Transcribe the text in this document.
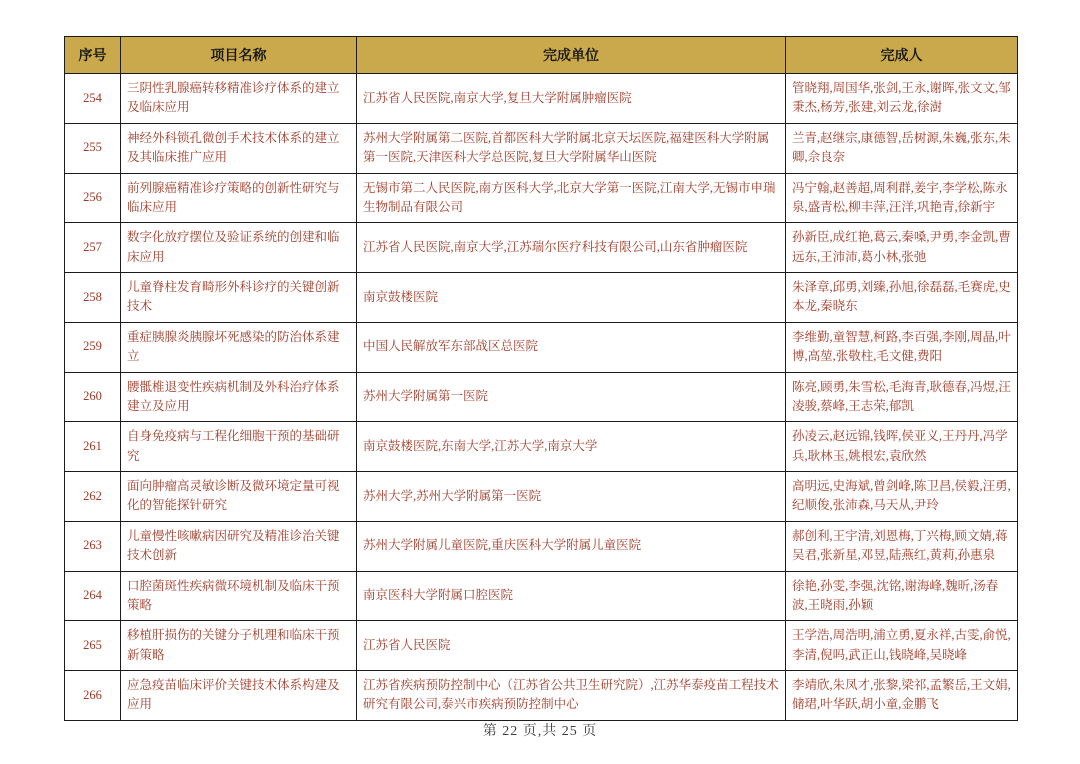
序号	项目名称	完成单位	完成人
254	三阴性乳腺癌转移精准诊疗体系的建立及临床应用	江苏省人民医院,南京大学,复旦大学附属肿瘤医院	管晓翔,周国华,张剑,王永,谢晖,张文文,邹秉杰,杨芳,张建,刘云龙,徐澍
255	神经外科锁孔微创手术技术体系的建立及其临床推广应用	苏州大学附属第二医院,首都医科大学附属北京天坛医院,福建医科大学附属第一医院,天津医科大学总医院,复旦大学附属华山医院	兰青,赵继宗,康德智,岳树源,朱巍,张东,朱卿,佘良奈
256	前列腺癌精准诊疗策略的创新性研究与临床应用	无锡市第二人民医院,南方医科大学,北京大学第一医院,江南大学,无锡市申瑞生物制品有限公司	冯宁翰,赵善超,周利群,姜宇,李学松,陈永泉,盛青松,柳丰萍,汪洋,巩艳青,徐新宇
257	数字化放疗摆位及验证系统的创建和临床应用	江苏省人民医院,南京大学,江苏瑞尔医疗科技有限公司,山东省肿瘤医院	孙新臣,成红艳,葛云,秦嗓,尹勇,李金凯,曹远东,王沛沛,葛小林,张弛
258	儿童脊柱发育畸形外科诊疗的关键创新技术	南京鼓楼医院	朱泽章,邱勇,刘臻,孙旭,徐磊磊,毛赛虎,史本龙,秦晓东
259	重症胰腺炎胰腺坏死感染的防治体系建立	中国人民解放军东部战区总医院	李维勤,童智慧,柯路,李百强,李刚,周晶,叶博,高堃,张敬柱,毛文健,费阳
260	腰骶椎退变性疾病机制及外科治疗体系建立及应用	苏州大学附属第一医院	陈亮,顾勇,朱雪松,毛海青,耿德春,冯煜,汪凌骏,蔡峰,王志荣,郁凯
261	自身免疫病与工程化细胞干预的基础研究	南京鼓楼医院,东南大学,江苏大学,南京大学	孙凌云,赵远锦,钱晖,侯亚义,王丹丹,冯学兵,耿林玉,姚根宏,袁欣然
262	面向肿瘤高灵敏诊断及微环境定量可视化的智能探针研究	苏州大学,苏州大学附属第一医院	高明远,史海斌,曾剑峰,陈卫昌,侯毅,汪勇,纪顺俊,张沛森,马天从,尹玲
263	儿童慢性咳嗽病因研究及精准诊治关键技术创新	苏州大学附属儿童医院,重庆医科大学附属儿童医院	郝创利,王宇清,刘恩梅,丁兴梅,顾文婧,蒋吴君,张新星,邓昱,陆燕红,黄莉,孙惠泉
264	口腔菌斑性疾病微环境机制及临床干预策略	南京医科大学附属口腔医院	徐艳,孙雯,李强,沈铭,谢海峰,魏昕,汤春波,王晓雨,孙颖
265	移植肝损伤的关键分子机理和临床干预新策略	江苏省人民医院	王学浩,周浩明,浦立勇,夏永祥,古雯,俞悦,李清,倪吗,武正山,钱晓峰,吴晓峰
266	应急疫苗临床评价关键技术体系构建及应用	江苏省疾病预防控制中心（江苏省公共卫生研究院）,江苏华泰疫苗工程技术研究有限公司,泰兴市疾病预防控制中心	李靖欣,朱凤才,张黎,梁祁,孟繁岳,王文娟,储珺,叶华跃,胡小童,金鹏飞
第 22 页,共 25 页
